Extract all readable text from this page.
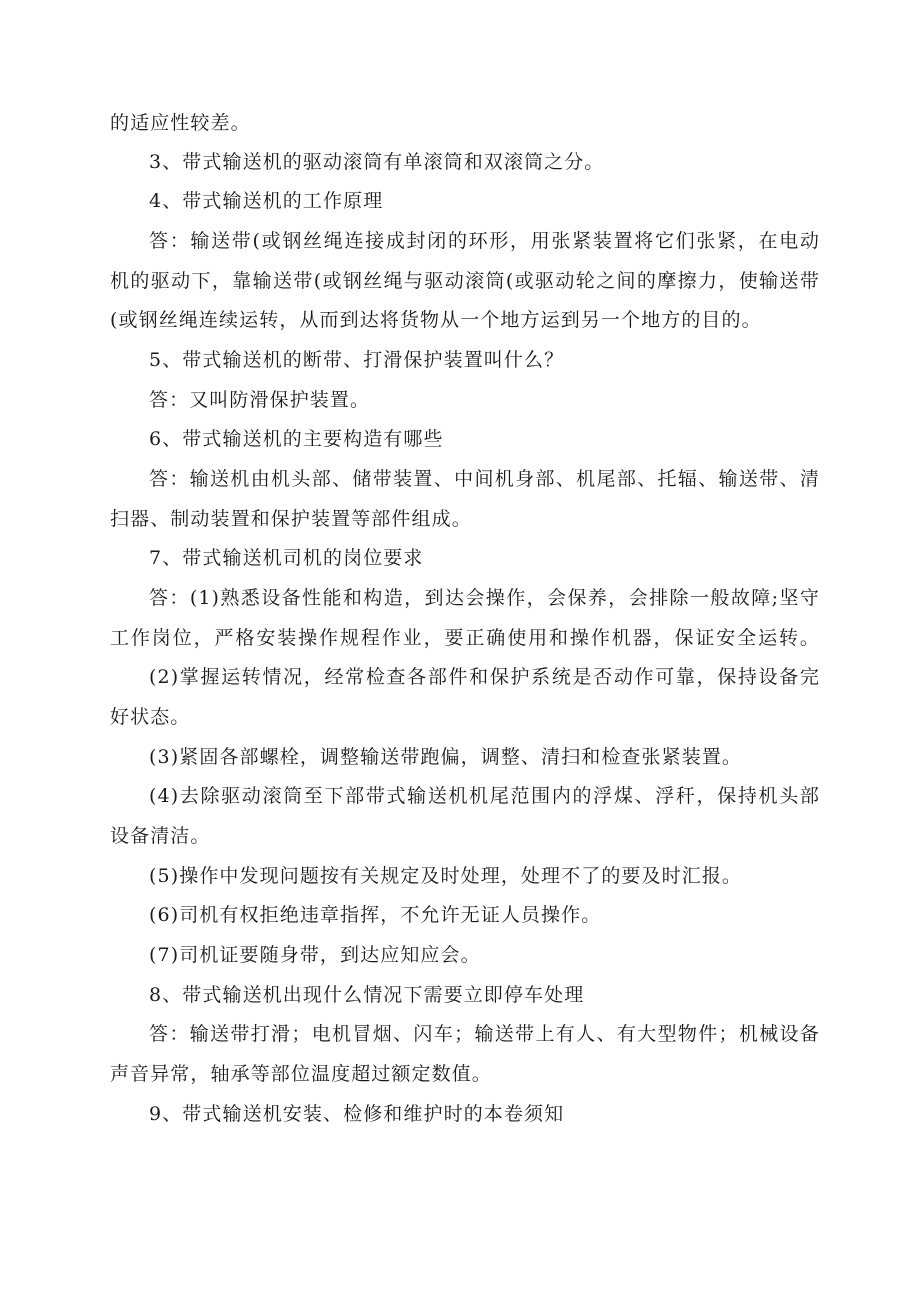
的适应性较差。
3、带式输送机的驱动滚筒有单滚筒和双滚筒之分。
4、带式输送机的工作原理
答：输送带(或钢丝绳连接成封闭的环形，用张紧装置将它们张紧，在电动
机的驱动下，靠输送带(或钢丝绳与驱动滚筒(或驱动轮之间的摩擦力，使输送带
(或钢丝绳连续运转，从而到达将货物从一个地方运到另一个地方的目的。
5、带式输送机的断带、打滑保护装置叫什么？
答：又叫防滑保护装置。
6、带式输送机的主要构造有哪些
答：输送机由机头部、储带装置、中间机身部、机尾部、托辐、输送带、清
扫器、制动装置和保护装置等部件组成。
7、带式输送机司机的岗位要求
答：(1)熟悉设备性能和构造，到达会操作，会保养，会排除一般故障;坚守
工作岗位，严格安装操作规程作业，要正确使用和操作机器，保证安全运转。
(2)掌握运转情况，经常检查各部件和保护系统是否动作可靠，保持设备完
好状态。
(3)紧固各部螺栓，调整输送带跑偏，调整、清扫和检查张紧装置。
(4)去除驱动滚筒至下部带式输送机机尾范围内的浮煤、浮秆，保持机头部
设备清洁。
(5)操作中发现问题按有关规定及时处理，处理不了的要及时汇报。
(6)司机有权拒绝违章指挥，不允许无证人员操作。
(7)司机证要随身带，到达应知应会。
8、带式输送机出现什么情况下需要立即停车处理
答：输送带打滑；电机冒烟、闪车；输送带上有人、有大型物件；机械设备
声音异常，轴承等部位温度超过额定数值。
9、带式输送机安装、检修和维护时的本卷须知
